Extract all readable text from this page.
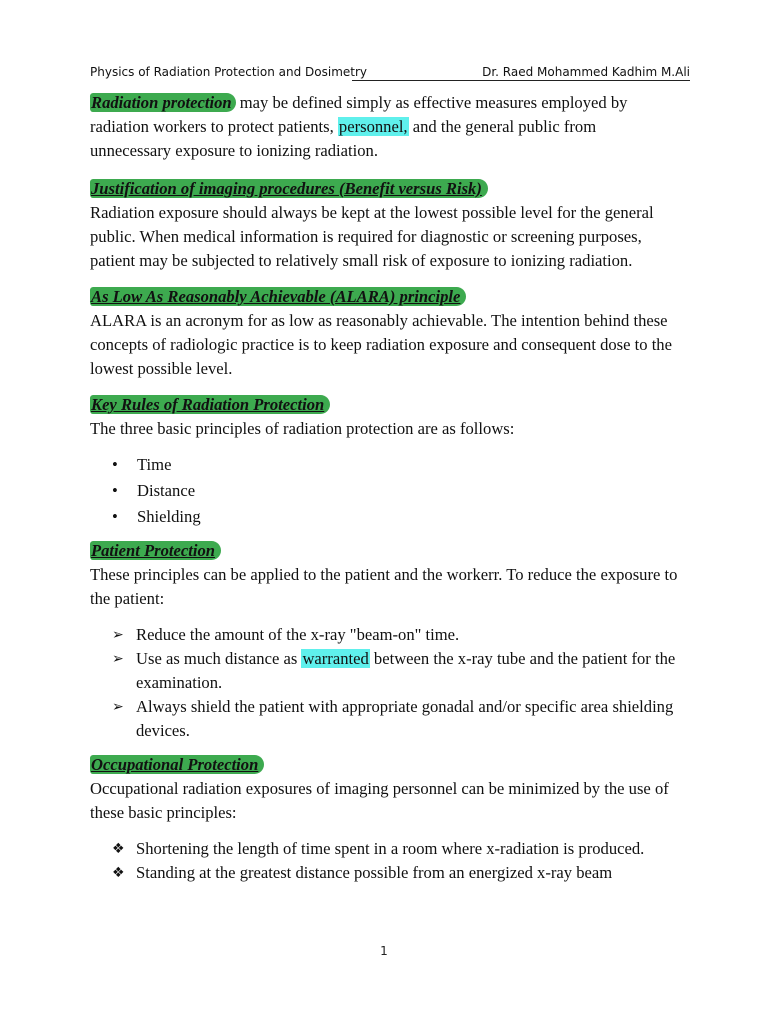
Physics of Radiation Protection and Dosimetry	Dr. Raed Mohammed Kadhim M.Ali

Radiation protection may be defined simply as effective measures employed by radiation workers to protect patients, personnel, and the general public from unnecessary exposure to ionizing radiation.

Justification of imaging procedures (Benefit versus Risk)

Radiation exposure should always be kept at the lowest possible level for the general public. When medical information is required for diagnostic or screening purposes, patient may be subjected to relatively small risk of exposure to ionizing radiation.

As Low As Reasonably Achievable (ALARA) principle

ALARA is an acronym for as low as reasonably achievable. The intention behind these concepts of radiologic practice is to keep radiation exposure and consequent dose to the lowest possible level.

Key Rules of Radiation Protection

The three basic principles of radiation protection are as follows:

• Time
• Distance
• Shielding

Patient Protection

These principles can be applied to the patient and the workerr. To reduce the exposure to the patient:

➢ Reduce the amount of the x-ray "beam-on" time.
➢ Use as much distance as warranted between the x-ray tube and the patient for the examination.
➢ Always shield the patient with appropriate gonadal and/or specific area shielding devices.

Occupational Protection

Occupational radiation exposures of imaging personnel can be minimized by the use of these basic principles:

❖ Shortening the length of time spent in a room where x-radiation is produced.
❖ Standing at the greatest distance possible from an energized x-ray beam
1
